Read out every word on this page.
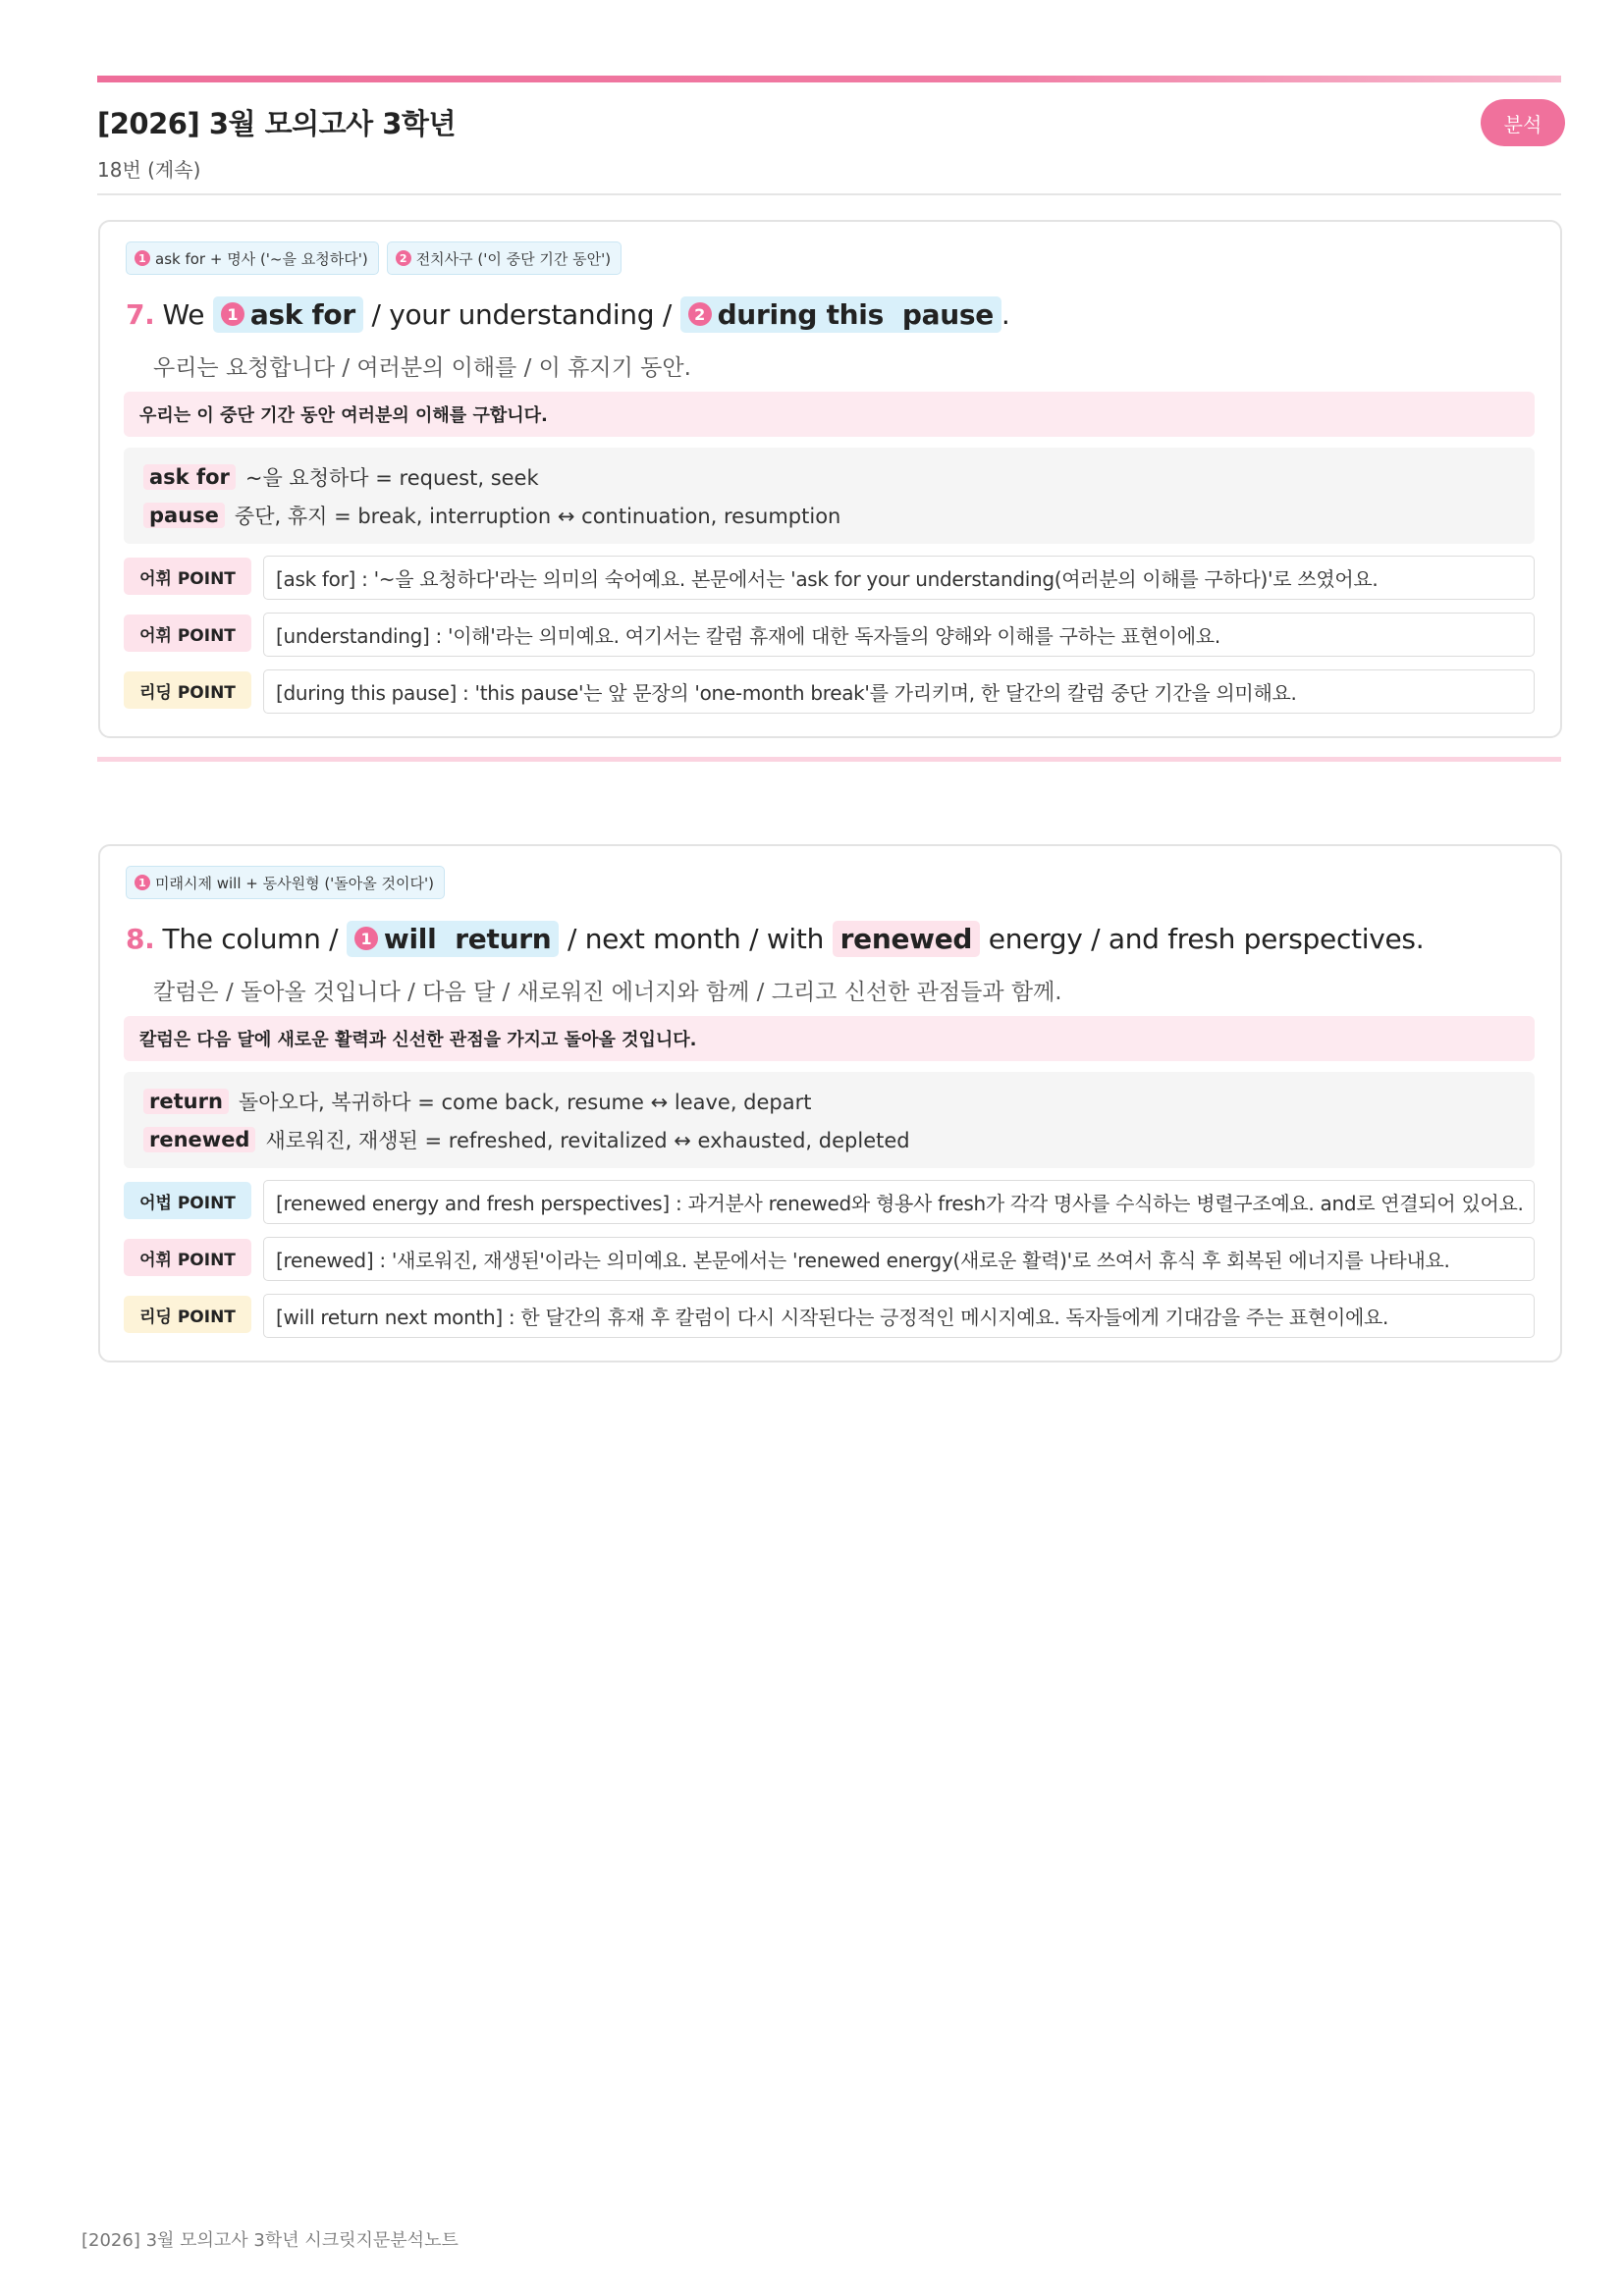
[2026] 3월 모의고사 3학년
18번 (계속)
분석
1 ask for + 명사 ('~을 요청하다')	2 전치사구 ('이 중단 기간 동안')
7. We
	1 ask for / your understanding / 2 during this
pause .
우리는 요청합니다 / 여러분의 이해를 / 이 휴지기 동안.
우리는 이 중단 기간 동안 여러분의 이해를 구합니다.
ask for ~을 요청하다 = request, seek
pause 중단, 휴지 = break, interruption ↔ continuation, resumption
어휘 POINT	[ask for] : '~을 요청하다'라는 의미의 숙어예요. 본문에서는 'ask for your understanding(여러분의 이해를 구하다)'로 쓰였어요.
어휘 POINT	[understanding] : '이해'라는 의미예요. 여기서는 칼럼 휴재에 대한 독자들의 양해와 이해를 구하는 표현이에요.
리딩 POINT	[during this pause] : 'this pause'는 앞 문장의 'one-month break'를 가리키며, 한 달간의 칼럼 중단 기간을 의미해요.
1 미래시제 will + 동사원형 ('돌아올 것이다')
8. The column / 1 will
return / next month / with renewed energy / and fresh perspectives.
칼럼은 / 돌아올 것입니다 / 다음 달 / 새로워진 에너지와 함께 / 그리고 신선한 관점들과 함께.
칼럼은 다음 달에 새로운 활력과 신선한 관점을 가지고 돌아올 것입니다.
return 돌아오다, 복귀하다 = come back, resume ↔ leave, depart
renewed 새로워진, 재생된 = refreshed, revitalized ↔ exhausted, depleted
어법 POINT	[renewed energy and fresh perspectives] : 과거분사 renewed와 형용사 fresh가 각각 명사를 수식하는 병렬구조예요. and로 연결되어 있어요.
어휘 POINT	[renewed] : '새로워진, 재생된'이라는 의미예요. 본문에서는 'renewed energy(새로운 활력)'로 쓰여서 휴식 후 회복된 에너지를 나타내요.
리딩 POINT	[will return next month] : 한 달간의 휴재 후 칼럼이 다시 시작된다는 긍정적인 메시지예요. 독자들에게 기대감을 주는 표현이에요.
[2026] 3월 모의고사 3학년 시크릿지문분석노트
